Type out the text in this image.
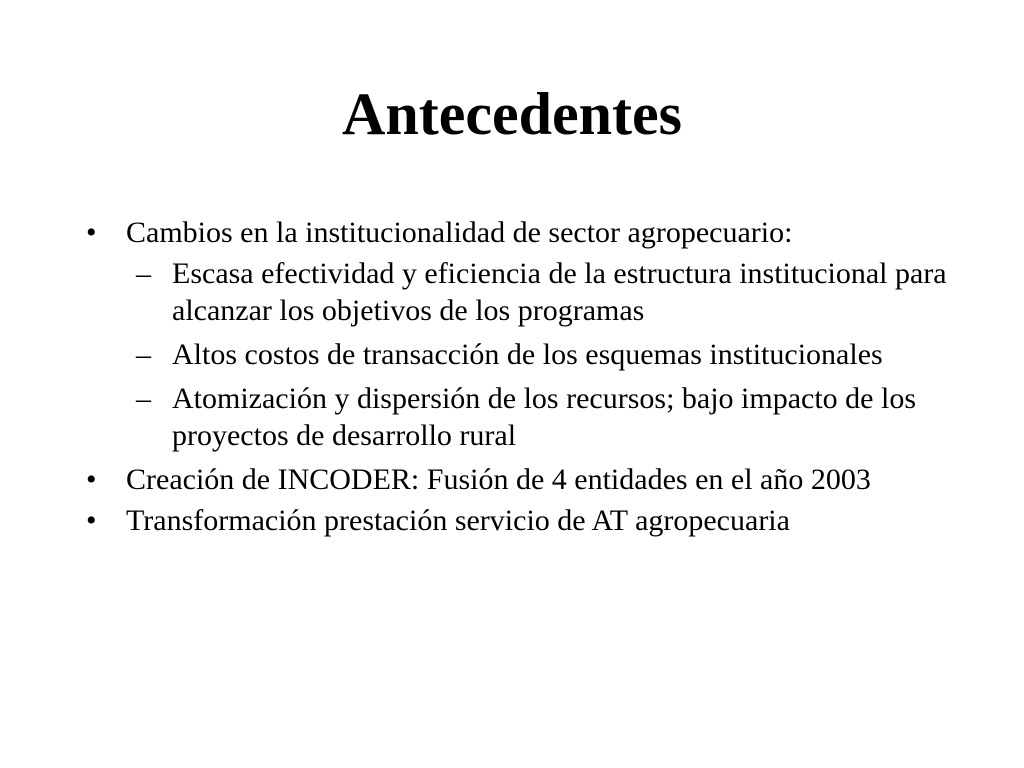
Antecedentes
• Cambios en la institucionalidad de sector agropecuario:
– Escasa efectividad y eficiencia de la estructura institucional para alcanzar los objetivos de los programas
– Altos costos de transacción de los esquemas institucionales
– Atomización y dispersión de los recursos; bajo impacto de los proyectos de desarrollo rural
• Creación de INCODER: Fusión de 4 entidades en el año 2003
• Transformación prestación servicio de AT agropecuaria
